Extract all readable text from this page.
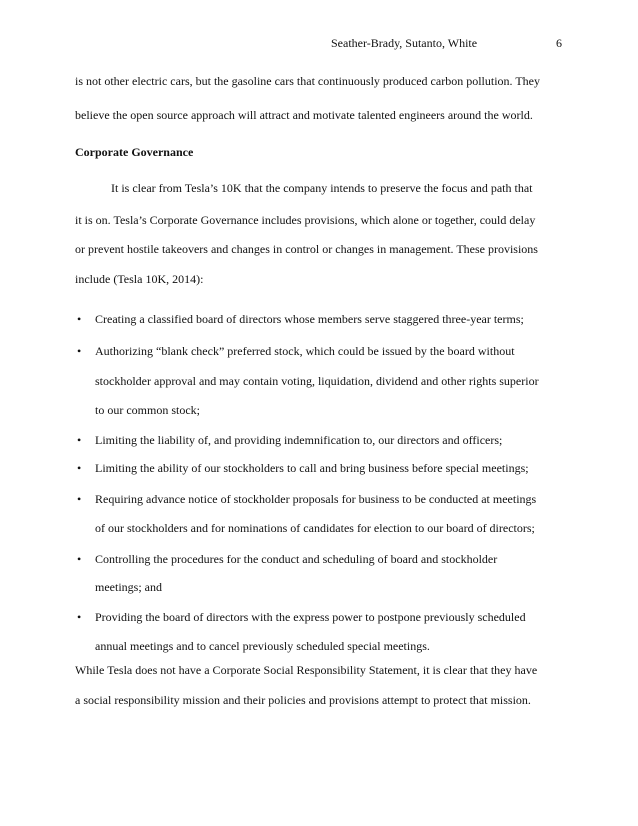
Seather-Brady, Sutanto, White	6
is not other electric cars, but the gasoline cars that continuously produced carbon pollution. They
believe the open source approach will attract and motivate talented engineers around the world.
Corporate Governance
It is clear from Tesla’s 10K that the company intends to preserve the focus and path that
it is on. Tesla’s Corporate Governance includes provisions, which alone or together, could delay
or prevent hostile takeovers and changes in control or changes in management. These provisions
include (Tesla 10K, 2014):
• Creating a classified board of directors whose members serve staggered three-year terms;
• Authorizing “blank check” preferred stock, which could be issued by the board without
stockholder approval and may contain voting, liquidation, dividend and other rights superior
to our common stock;
• Limiting the liability of, and providing indemnification to, our directors and officers;
• Limiting the ability of our stockholders to call and bring business before special meetings;
• Requiring advance notice of stockholder proposals for business to be conducted at meetings
of our stockholders and for nominations of candidates for election to our board of directors;
• Controlling the procedures for the conduct and scheduling of board and stockholder
meetings; and
• Providing the board of directors with the express power to postpone previously scheduled
annual meetings and to cancel previously scheduled special meetings.
While Tesla does not have a Corporate Social Responsibility Statement, it is clear that they have
a social responsibility mission and their policies and provisions attempt to protect that mission.
